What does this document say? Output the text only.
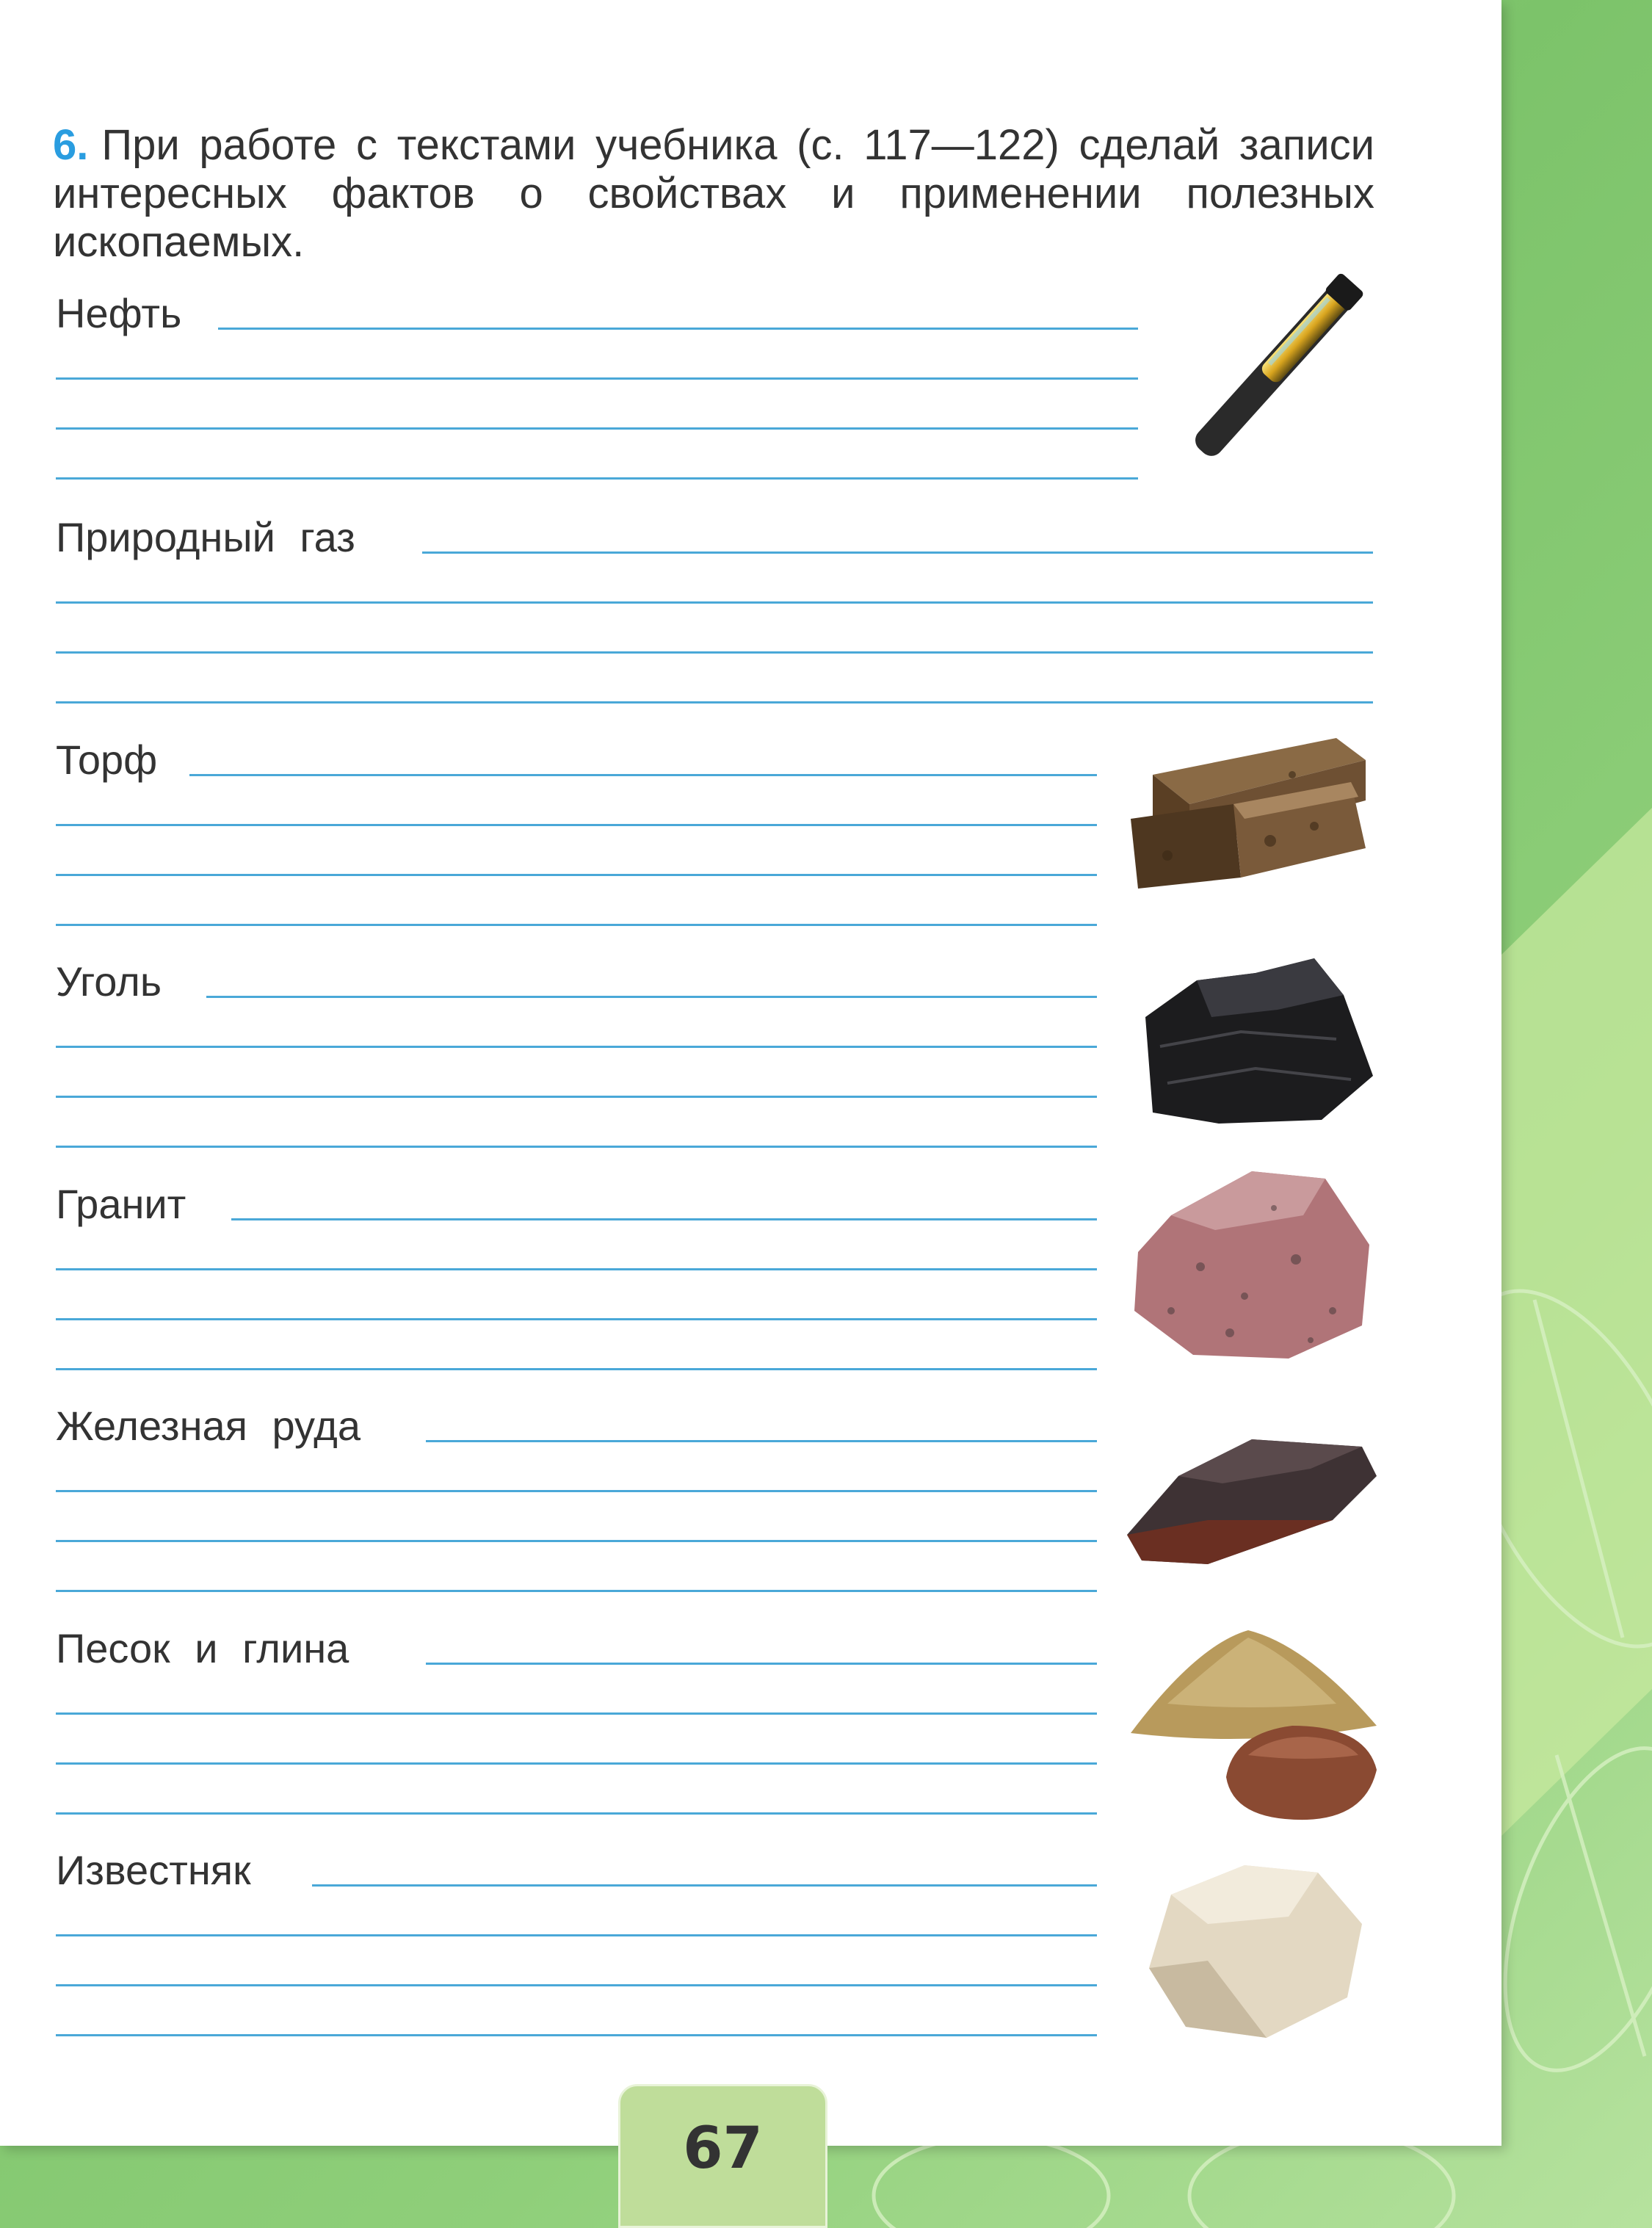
6. При работе с текстами учебника (с. 117—122) сделай записи интересных фактов о свойствах и применении полезных ископаемых.

Нефть
Природный газ
Торф
Уголь
Гранит
Железная руда
Песок и глина
Известняк
67
